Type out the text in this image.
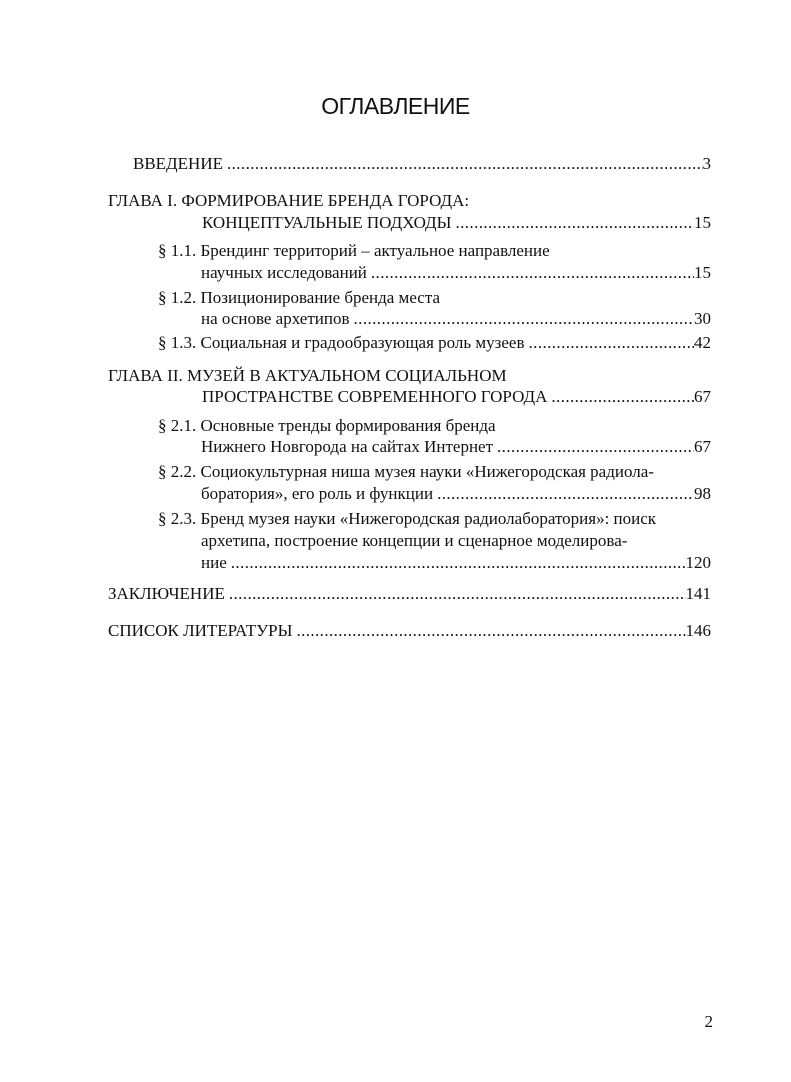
ОГЛАВЛЕНИЕ
ВВЕДЕНИЕ .....	3
ГЛАВА I. ФОРМИРОВАНИЕ БРЕНДА ГОРОДА:
КОНЦЕПТУАЛЬНЫЕ ПОДХОДЫ .....	15
§ 1.1. Брендинг территорий – актуальное направление
научных исследований .....	15
§ 1.2. Позиционирование бренда места
на основе архетипов .....	30
§ 1.3. Социальная и градообразующая роль музеев .....	42
ГЛАВА II. МУЗЕЙ В АКТУАЛЬНОМ СОЦИАЛЬНОМ
ПРОСТРАНСТВЕ СОВРЕМЕННОГО ГОРОДА .....	67
§ 2.1. Основные тренды формирования бренда
Нижнего Новгорода на сайтах Интернет .....	67
§ 2.2. Социокультурная ниша музея науки «Нижегородская радиола-
боратория», его роль и функции .....	98
§ 2.3. Бренд музея науки «Нижегородская радиолаборатория»: поиск
архетипа, построение концепции и сценарное моделирова-
ние .....	120
ЗАКЛЮЧЕНИЕ .....	141
СПИСОК ЛИТЕРАТУРЫ .....	146
2
